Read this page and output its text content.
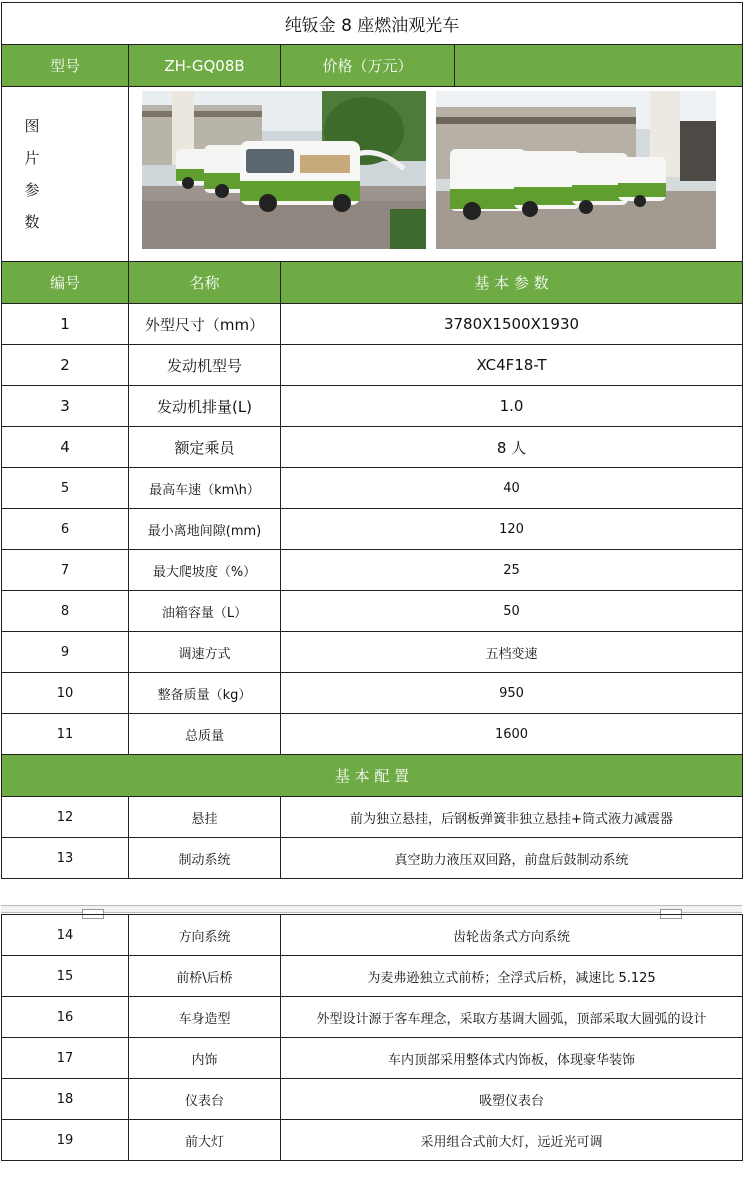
纯钣金 8 座燃油观光车			
型号	ZH-GQ08B	价格（万元）	

图
片
参
数

编号	名称	基 本 参 数	
1	外型尺寸（mm）	3780X1500X1930	
2	发动机型号	XC4F18-T	
3	发动机排量(L)	1.0	
4	额定乘员	8 人	
5	最高车速（km\h）	40	
6	最小离地间隙(mm)	120	
7	最大爬坡度（%）	25	
8	油箱容量（L）	50	
9	调速方式	五档变速	
10	整备质量（kg）	950	
11	总质量	1600	
基 本 配 置			
12	悬挂	前为独立悬挂，后钢板弹簧非独立悬挂+筒式液力减震器	
13	制动系统	真空助力液压双回路，前盘后鼓制动系统	
14	方向系统	齿轮齿条式方向系统
15	前桥\后桥	为麦弗逊独立式前桥；全浮式后桥，减速比 5.125
16	车身造型	外型设计源于客车理念，采取方基调大圆弧，顶部采取大圆弧的设计
17	内饰	车内顶部采用整体式内饰板，体现豪华装饰
18	仪表台	吸塑仪表台
19	前大灯	采用组合式前大灯，远近光可调
